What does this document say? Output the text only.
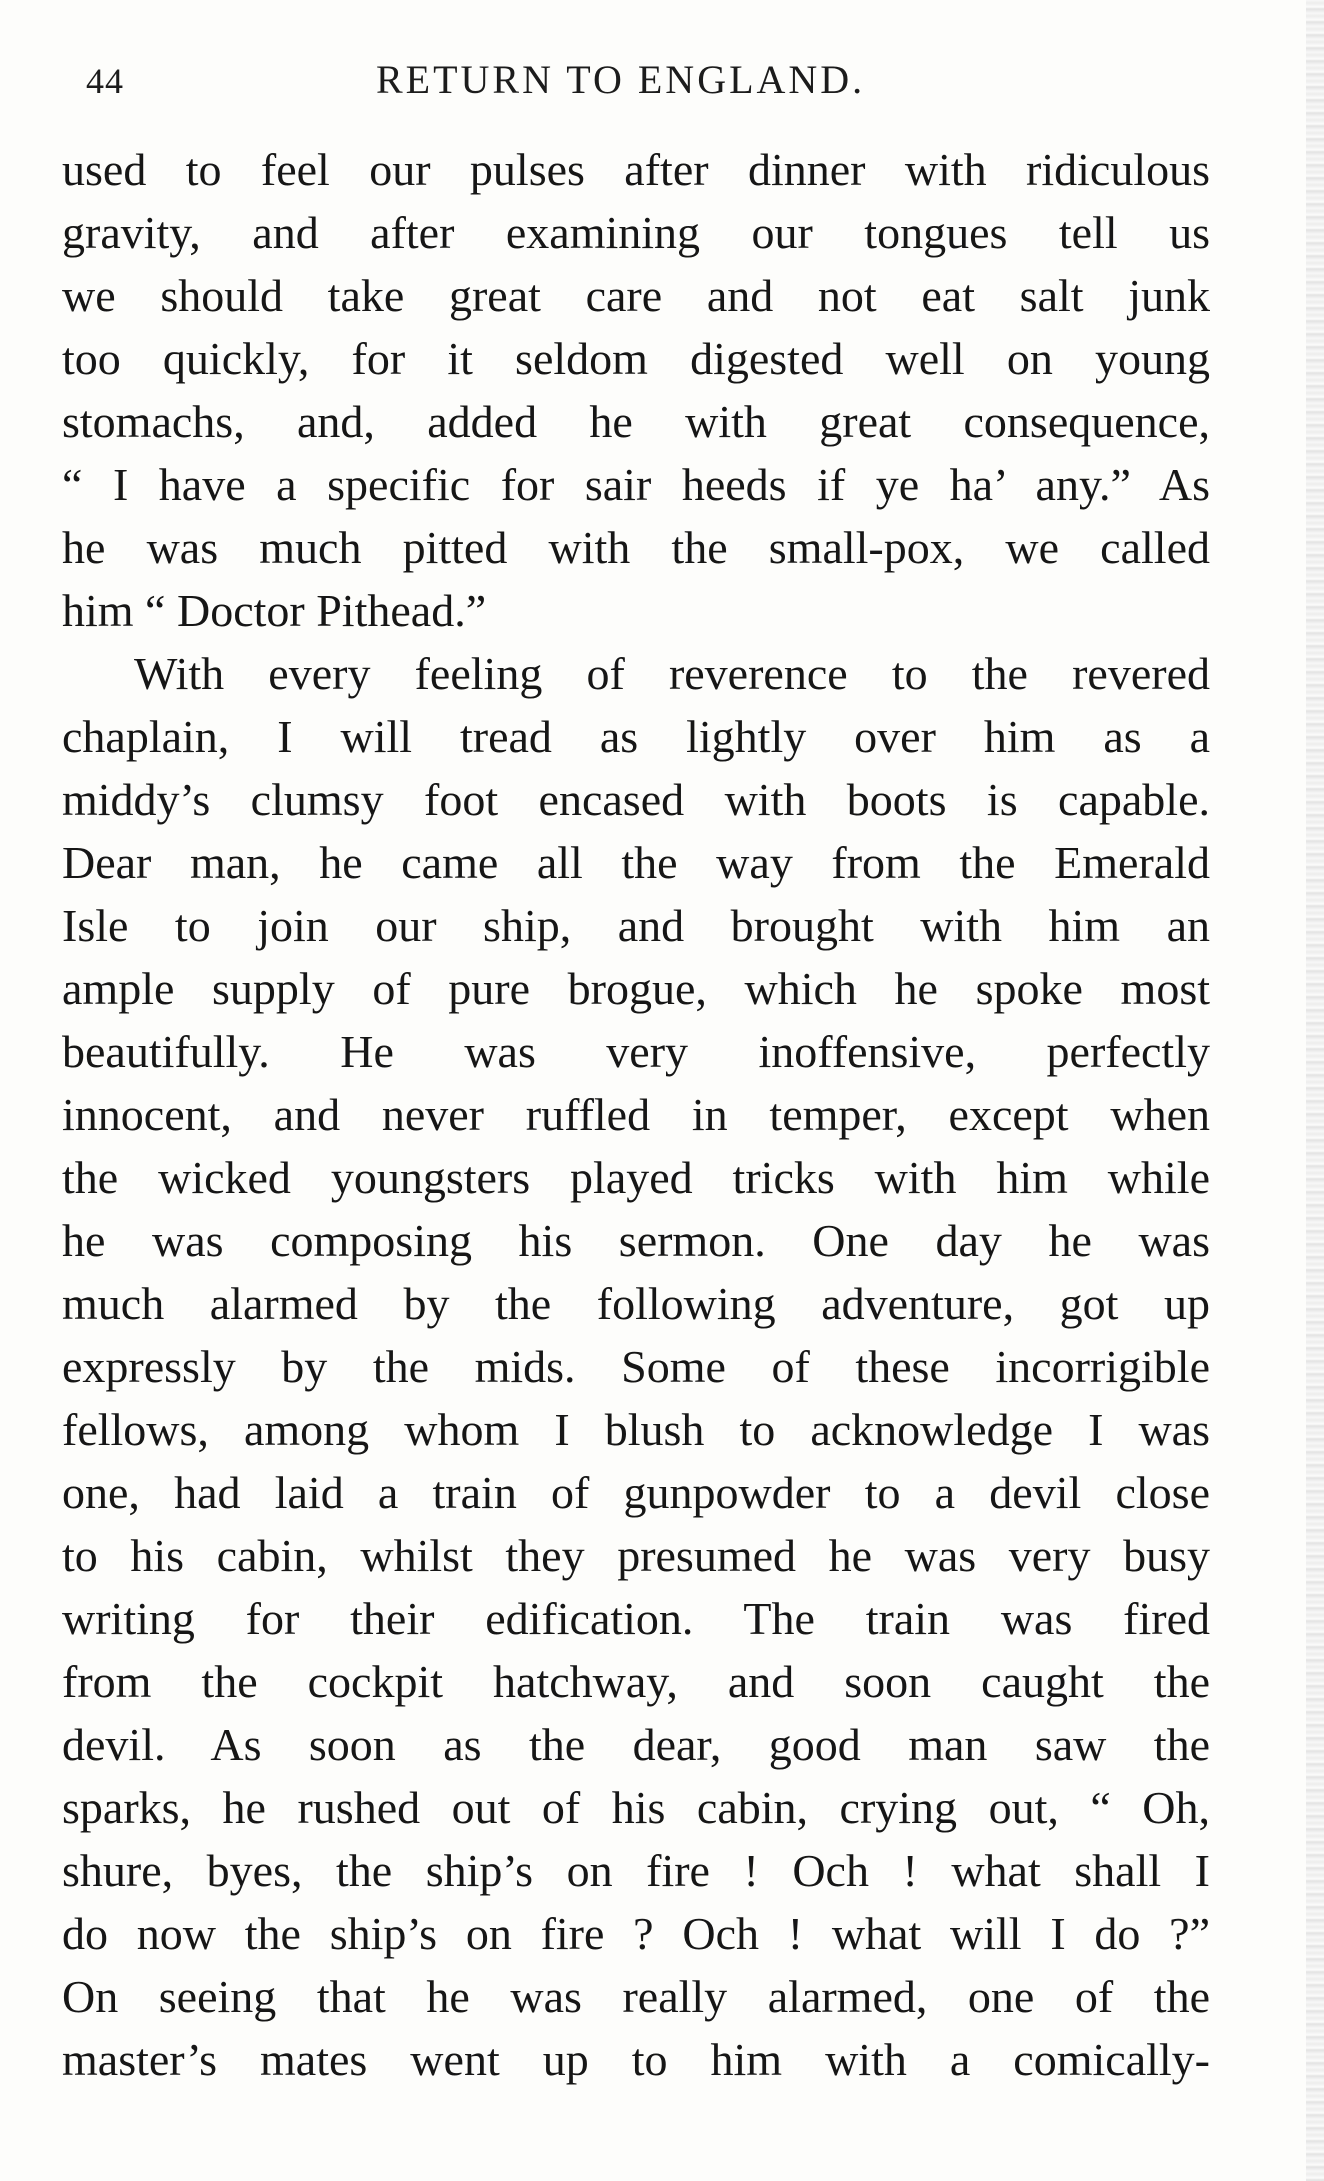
44	RETURN TO ENGLAND.
used to feel our pulses after dinner with ridiculous
gravity, and after examining our tongues tell us
we should take great care and not eat salt junk
too quickly, for it seldom digested well on young
stomachs, and, added he with great consequence,
“ I have a specific for sair heeds if ye ha’ any.” As
he was much pitted with the small-pox, we called
him “ Doctor Pithead.”
With every feeling of reverence to the revered
chaplain, I will tread as lightly over him as a
middy’s clumsy foot encased with boots is capable.
Dear man, he came all the way from the Emerald
Isle to join our ship, and brought with him an
ample supply of pure brogue, which he spoke most
beautifully. He was very inoffensive, perfectly
innocent, and never ruffled in temper, except when
the wicked youngsters played tricks with him while
he was composing his sermon. One day he was
much alarmed by the following adventure, got up
expressly by the mids. Some of these incorrigible
fellows, among whom I blush to acknowledge I was
one, had laid a train of gunpowder to a devil close
to his cabin, whilst they presumed he was very busy
writing for their edification. The train was fired
from the cockpit hatchway, and soon caught the
devil. As soon as the dear, good man saw the
sparks, he rushed out of his cabin, crying out, “ Oh,
shure, byes, the ship’s on fire ! Och ! what shall I
do now the ship’s on fire ? Och ! what will I do ?”
On seeing that he was really alarmed, one of the
master’s mates went up to him with a comically-
